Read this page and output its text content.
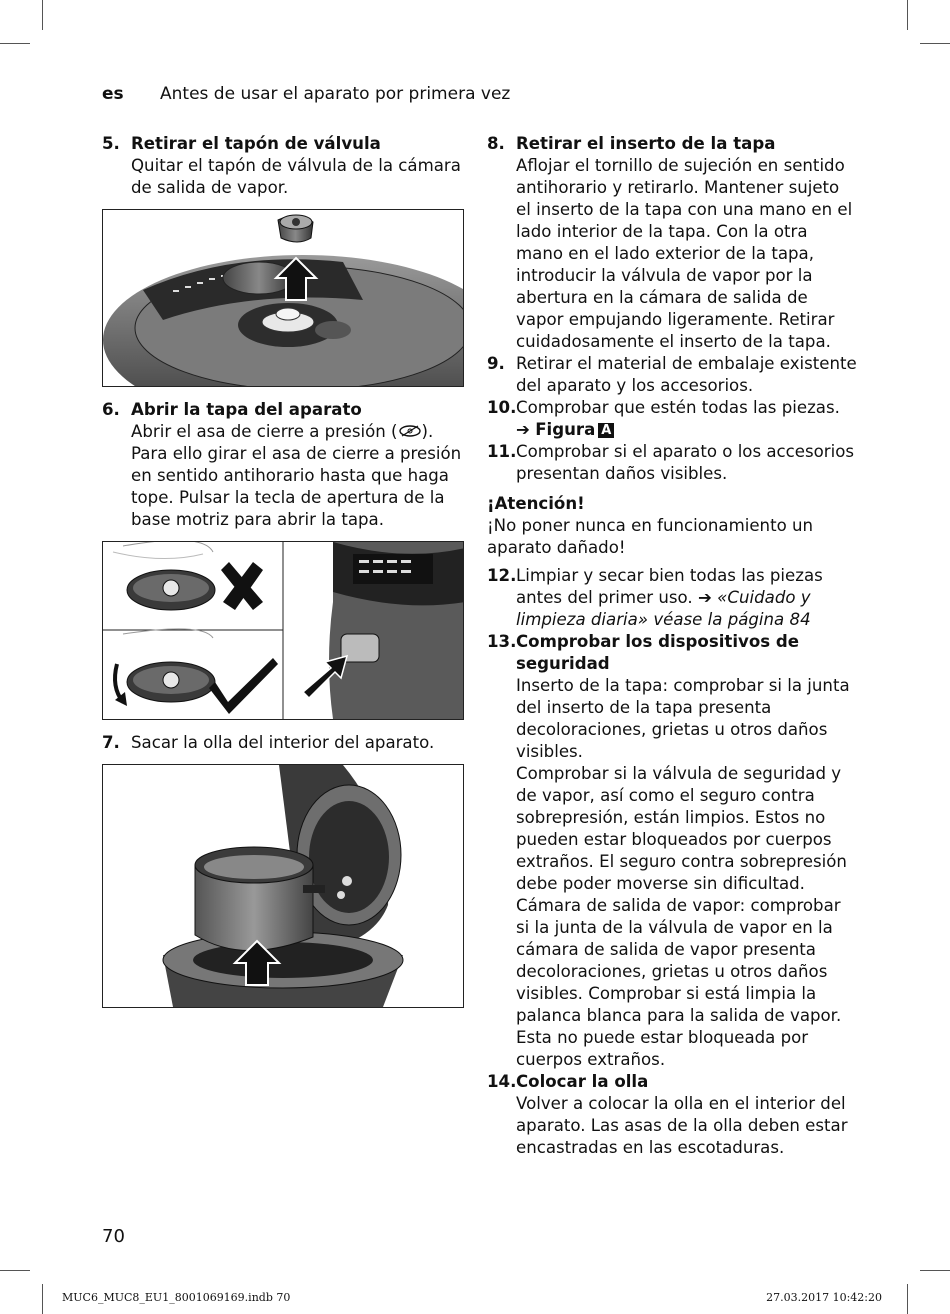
es Antes de usar el aparato por primera vez
5. Retirar el tapón de válvula
Quitar el tapón de válvula de la cámara de salida de vapor.
6. Abrir la tapa del aparato
Abrir el asa de cierre a presión ( ). Para ello girar el asa de cierre a presión en sentido antihorario hasta que haga tope. Pulsar la tecla de apertura de la base motriz para abrir la tapa.
7. Sacar la olla del interior del aparato.
8. Retirar el inserto de la tapa
Aflojar el tornillo de sujeción en sentido antihorario y retirarlo. Mantener sujeto el inserto de la tapa con una mano en el lado interior de la tapa. Con la otra mano en el lado exterior de la tapa, introducir la válvula de vapor por la abertura en la cámara de salida de vapor empujando ligeramente. Retirar cuidadosamente el inserto de la tapa.
9. Retirar el material de embalaje existente del aparato y los accesorios.
10. Comprobar que estén todas las piezas.
➔ Figura A
11. Comprobar si el aparato o los accesorios presentan daños visibles.
¡Atención!
¡No poner nunca en funcionamiento un aparato dañado!
12. Limpiar y secar bien todas las piezas antes del primer uso. ➔ «Cuidado y limpieza diaria» véase la página 84
13. Comprobar los dispositivos de seguridad
Inserto de la tapa: comprobar si la junta del inserto de la tapa presenta decoloraciones, grietas u otros daños visibles.
Comprobar si la válvula de seguridad y de vapor, así como el seguro contra sobrepresión, están limpios. Estos no pueden estar bloqueados por cuerpos extraños. El seguro contra sobrepresión debe poder moverse sin dificultad.
Cámara de salida de vapor: comprobar si la junta de la válvula de vapor en la cámara de salida de vapor presenta decoloraciones, grietas u otros daños visibles. Comprobar si está limpia la palanca blanca para la salida de vapor. Esta no puede estar bloqueada por cuerpos extraños.
14. Colocar la olla
Volver a colocar la olla en el interior del aparato. Las asas de la olla deben estar encastradas en las escotaduras.
70
MUC6_MUC8_EU1_8001069169.indb 70	27.03.2017 10:42:20
